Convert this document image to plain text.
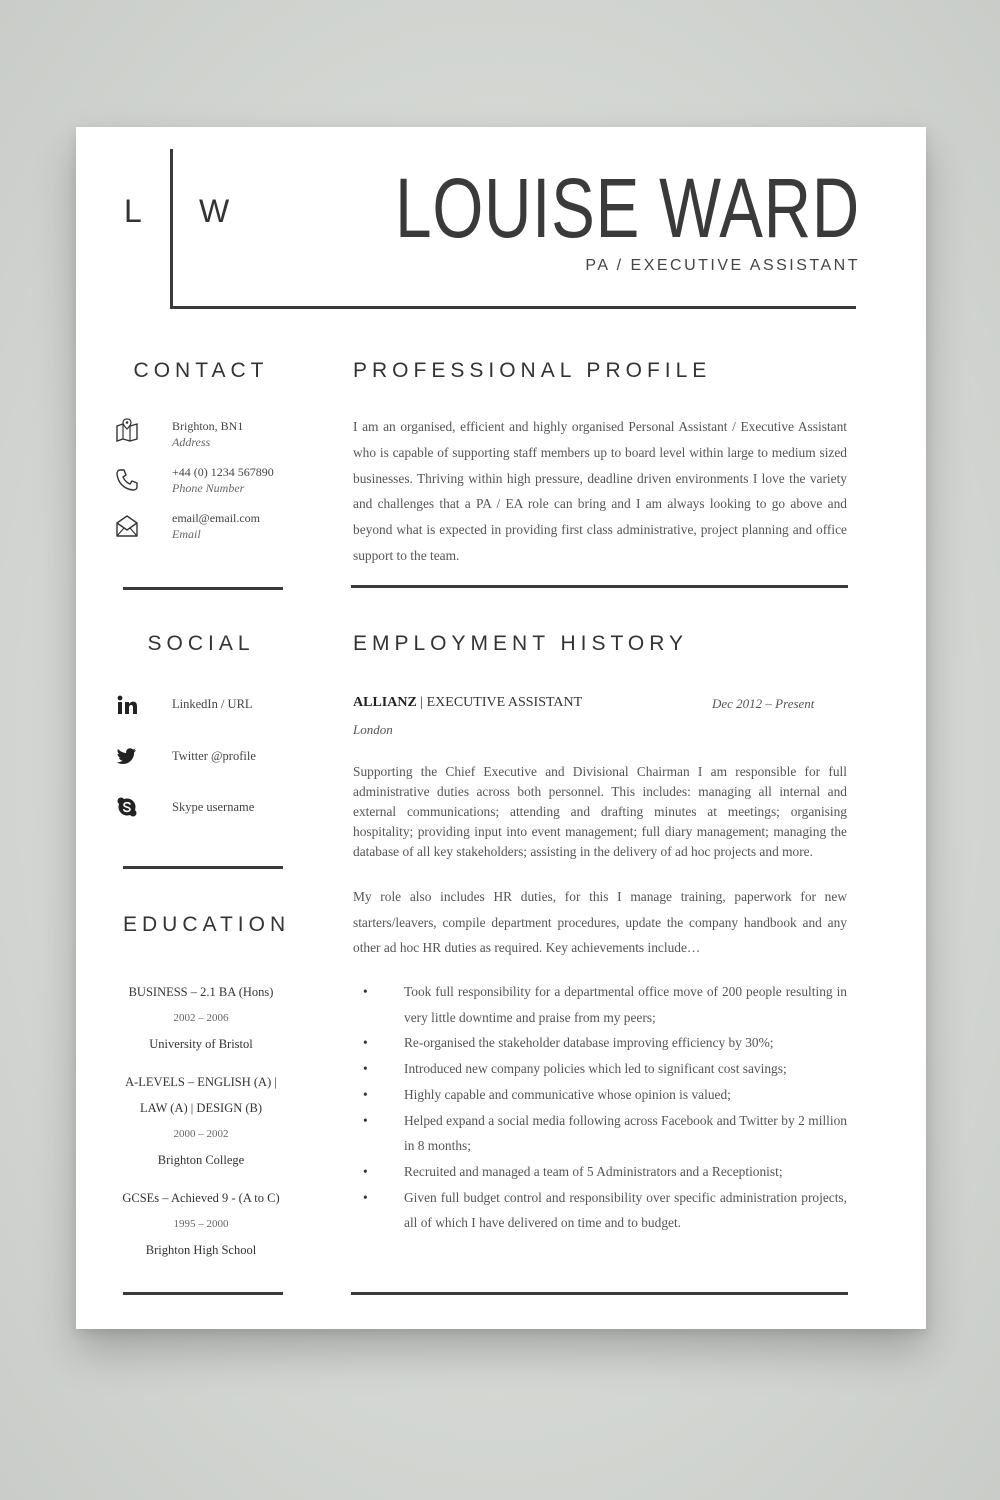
L W LOUISE WARD
PA / EXECUTIVE ASSISTANT
CONTACT
Brighton, BN1
Address
+44 (0) 1234 567890
Phone Number
email@email.com
Email
PROFESSIONAL PROFILE
I am an organised, efficient and highly organised Personal Assistant / Executive Assistant who is capable of supporting staff members up to board level within large to medium sized businesses. Thriving within high pressure, deadline driven environments I love the variety and challenges that a PA / EA role can bring and I am always looking to go above and beyond what is expected in providing first class administrative, project planning and office support to the team.
SOCIAL
LinkedIn / URL
Twitter @profile
Skype username
EMPLOYMENT HISTORY
ALLIANZ | EXECUTIVE ASSISTANT	Dec 2012 – Present
London
Supporting the Chief Executive and Divisional Chairman I am responsible for full administrative duties across both personnel. This includes: managing all internal and external communications; attending and drafting minutes at meetings; organising hospitality; providing input into event management; full diary management; managing the database of all key stakeholders; assisting in the delivery of ad hoc projects and more.
My role also includes HR duties, for this I manage training, paperwork for new starters/leavers, compile department procedures, update the company handbook and any other ad hoc HR duties as required. Key achievements include…
• Took full responsibility for a departmental office move of 200 people resulting in very little downtime and praise from my peers;
• Re-organised the stakeholder database improving efficiency by 30%;
• Introduced new company policies which led to significant cost savings;
• Highly capable and communicative whose opinion is valued;
• Helped expand a social media following across Facebook and Twitter by 2 million in 8 months;
• Recruited and managed a team of 5 Administrators and a Receptionist;
• Given full budget control and responsibility over specific administration projects, all of which I have delivered on time and to budget.
EDUCATION
BUSINESS – 2.1 BA (Hons)
2002 – 2006
University of Bristol
A-LEVELS – ENGLISH (A) |
LAW (A) | DESIGN (B)
2000 – 2002
Brighton College
GCSEs – Achieved 9 - (A to C)
1995 – 2000
Brighton High School
